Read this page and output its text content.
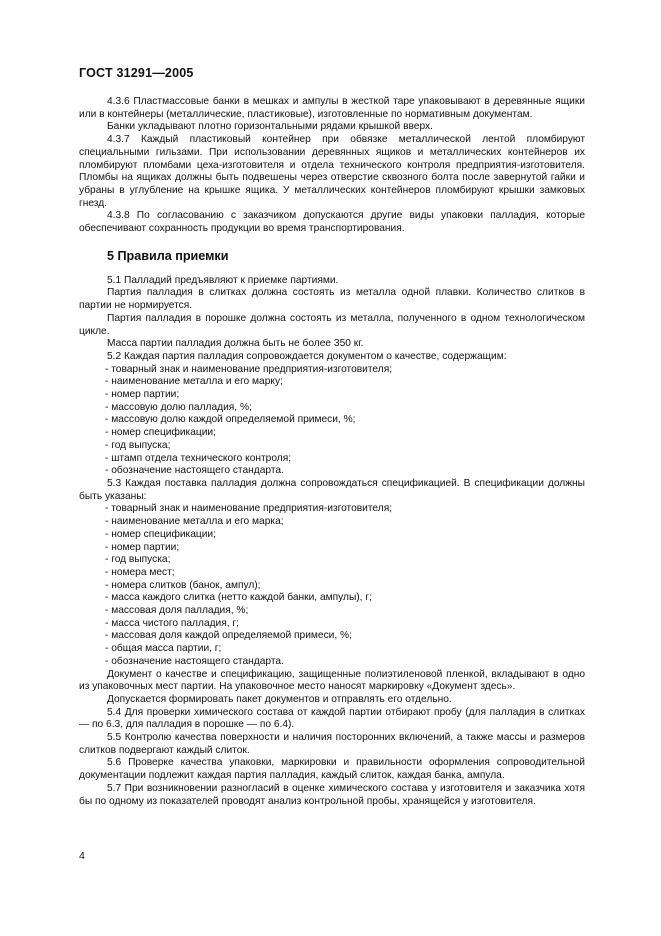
ГОСТ 31291—2005

4.3.6 Пластмассовые банки в мешках и ампулы в жесткой таре упаковывают в деревянные ящики или в контейнеры (металлические, пластиковые), изготовленные по нормативным документам.

Банки укладывают плотно горизонтальными рядами крышкой вверх.

4.3.7 Каждый пластиковый контейнер при обвязке металлической лентой пломбируют специальными гильзами. При использовании деревянных ящиков и металлических контейнеров их пломбируют пломбами цеха-изготовителя и отдела технического контроля предприятия-изготовителя. Пломбы на ящиках должны быть подвешены через отверстие сквозного болта после завернутой гайки и убраны в углубление на крышке ящика. У металлических контейнеров пломбируют крышки замковых гнезд.

4.3.8 По согласованию с заказчиком допускаются другие виды упаковки палладия, которые обеспечивают сохранность продукции во время транспортирования.

5 Правила приемки

5.1 Палладий предъявляют к приемке партиями.

Партия палладия в слитках должна состоять из металла одной плавки. Количество слитков в партии не нормируется.

Партия палладия в порошке должна состоять из металла, полученного в одном технологическом цикле.

Масса партии палладия должна быть не более 350 кг.

5.2 Каждая партия палладия сопровождается документом о качестве, содержащим:

- товарный знак и наименование предприятия-изготовителя;

- наименование металла и его марку;

- номер партии;

- массовую долю палладия, %;

- массовую долю каждой определяемой примеси, %;

- номер спецификации;

- год выпуска;

- штамп отдела технического контроля;

- обозначение настоящего стандарта.

5.3 Каждая поставка палладия должна сопровождаться спецификацией. В спецификации должны быть указаны:

- товарный знак и наименование предприятия-изготовителя;

- наименование металла и его марка;

- номер спецификации;

- номер партии;

- год выпуска;

- номера мест;

- номера слитков (банок, ампул);

- масса каждого слитка (нетто каждой банки, ампулы), г;

- массовая доля палладия, %;

- масса чистого палладия, г;

- массовая доля каждой определяемой примеси, %;

- общая масса партии, г;

- обозначение настоящего стандарта.

Документ о качестве и спецификацию, защищенные полиэтиленовой пленкой, вкладывают в одно из упаковочных мест партии. На упаковочное место наносят маркировку «Документ здесь».

Допускается формировать пакет документов и отправлять его отдельно.

5.4 Для проверки химического состава от каждой партии отбирают пробу (для палладия в слитках — по 6.3, для палладия в порошке — по 6.4).

5.5 Контролю качества поверхности и наличия посторонних включений, а также массы и размеров слитков подвергают каждый слиток.

5.6 Проверке качества упаковки, маркировки и правильности оформления сопроводительной документации подлежит каждая партия палладия, каждый слиток, каждая банка, ампула.

5.7 При возникновении разногласий в оценке химического состава у изготовителя и заказчика хотя бы по одному из показателей проводят анализ контрольной пробы, хранящейся у изготовителя.

4
